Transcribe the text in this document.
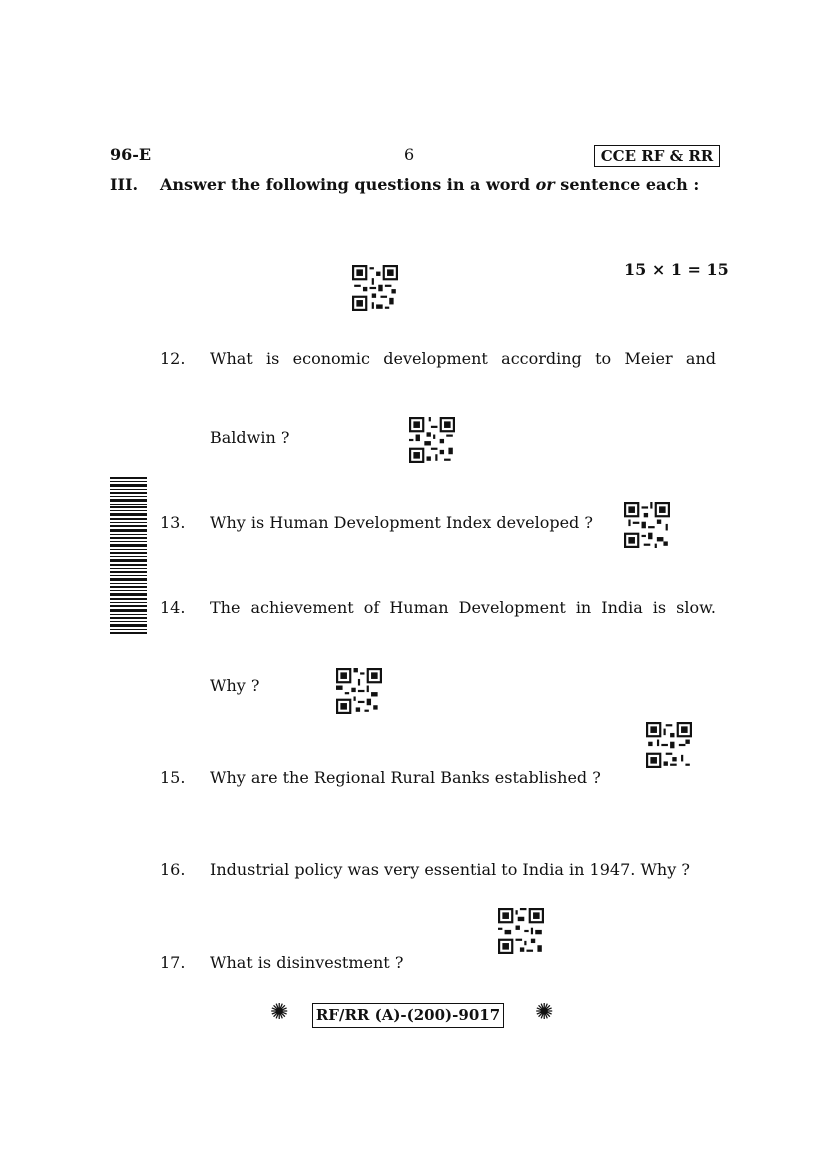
96-E	6	CCE RF & RR
III. Answer the following questions in a word or sentence each :
15 × 1 = 15
12. What is economic development according to Meier and
Baldwin ?
13. Why is Human Development Index developed ?
14. The achievement of Human Development in India is slow.
Why ?
15. Why are the Regional Rural Banks established ?
16. Industrial policy was very essential to India in 1947. Why ?
17. What is disinvestment ?
✺ RF/RR (A)-(200)-9017 ✺
